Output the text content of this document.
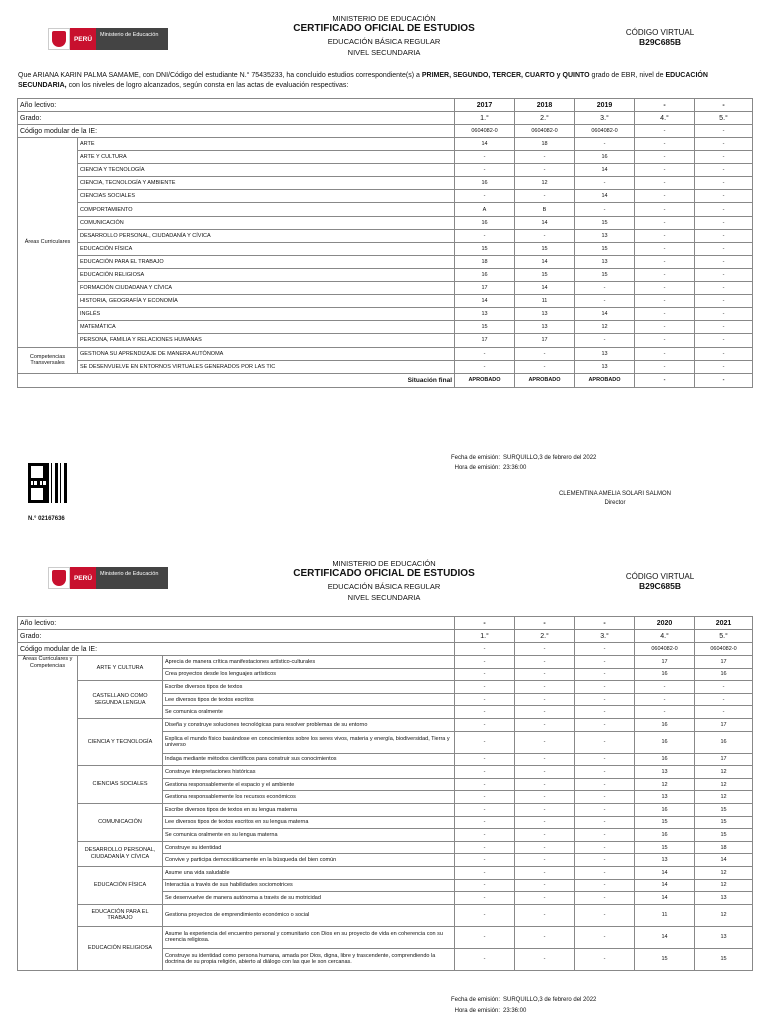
PERÚ
Ministerio de Educación
MINISTERIO DE EDUCACIÓN
CERTIFICADO OFICIAL DE ESTUDIOS
EDUCACIÓN BÁSICA REGULAR
NIVEL SECUNDARIA
CÓDIGO VIRTUAL
B29C685B
Que ARIANA KARIN PALMA SAMAME, con DNI/Código del estudiante N.° 75435233, ha concluido estudios correspondiente(s) a PRIMER, SEGUNDO, TERCER, CUARTO y QUINTO grado de EBR, nivel de EDUCACIÓN SECUNDARIA, con los niveles de logro alcanzados, según consta en las actas de evaluación respectivas:
Año lectivo:		2017	2018	2019	-	-
Grado:		1.°	2.°	3.°	4.°	5.°
Código modular de la IE:		0604082-0	0604082-0	0604082-0	-	-
Áreas Curriculares	ARTE	14	18	-	-	-
	ARTE Y CULTURA	-	-	16	-	-
	CIENCIA Y TECNOLOGÍA	-	-	14	-	-
	CIENCIA, TECNOLOGÍA Y AMBIENTE	16	12	-	-	-
	CIENCIAS SOCIALES	-	-	14	-	-
	COMPORTAMIENTO	A	B	-	-	-
	COMUNICACIÓN	16	14	15	-	-
	DESARROLLO PERSONAL, CIUDADANÍA Y CÍVICA	-	-	13	-	-
	EDUCACIÓN FÍSICA	15	15	15	-	-
	EDUCACIÓN PARA EL TRABAJO	18	14	13	-	-
	EDUCACIÓN RELIGIOSA	16	15	15	-	-
	FORMACIÓN CIUDADANA Y CÍVICA	17	14	-	-	-
	HISTORIA, GEOGRAFÍA Y ECONOMÍA	14	11	-	-	-
	INGLÉS	13	13	14	-	-
	MATEMÁTICA	15	13	12	-	-
	PERSONA, FAMILIA Y RELACIONES HUMANAS	17	17	-	-	-
Competencias Transversales	GESTIONA SU APRENDIZAJE DE MANERA AUTÓNOMA	-	-	13	-	-
	SE DESENVUELVE EN ENTORNOS VIRTUALES GENERADOS POR LAS TIC	-	-	13	-	-
Situación final		APROBADO	APROBADO	APROBADO	-	-
N.° 02167636
Fecha de emisión: SURQUILLO,3 de febrero del 2022
Hora de emisión: 23:36:00
CLEMENTINA AMELIA SOLARI SALMON
Director
PERÚ
Ministerio de Educación
MINISTERIO DE EDUCACIÓN
CERTIFICADO OFICIAL DE ESTUDIOS
EDUCACIÓN BÁSICA REGULAR
NIVEL SECUNDARIA
CÓDIGO VIRTUAL
B29C685B
Año lectivo:			-	-	-	2020	2021
Grado:			1.°	2.°	3.°	4.°	5.°
Código modular de la IE:			-	-	-	0604082-0	0604082-0
Áreas Curriculares y Competencias	ARTE Y CULTURA	Aprecia de manera crítica manifestaciones artístico-culturales	-	-	-	17	17
		Crea proyectos desde los lenguajes artísticos	-	-	-	16	16
	CASTELLANO COMO SEGUNDA LENGUA	Escribe diversos tipos de textos	-	-	-	-	-
		Lee diversos tipos de textos escritos	-	-	-	-	-
		Se comunica oralmente	-	-	-	-	-
	CIENCIA Y TECNOLOGÍA	Diseña y construye soluciones tecnológicas para resolver problemas de su entorno	-	-	-	16	17
		Explica el mundo físico basándose en conocimientos sobre los seres vivos, materia y energía, biodiversidad, Tierra y universo	-	-	-	16	16
		Indaga mediante métodos científicos para construir sus conocimientos	-	-	-	16	17
	CIENCIAS SOCIALES	Construye interpretaciones históricas	-	-	-	13	12
		Gestiona responsablemente el espacio y el ambiente	-	-	-	12	12
		Gestiona responsablemente los recursos económicos	-	-	-	13	12
	COMUNICACIÓN	Escribe diversos tipos de textos en su lengua materna	-	-	-	16	15
		Lee diversos tipos de textos escritos en su lengua materna	-	-	-	15	15
		Se comunica oralmente en su lengua materna	-	-	-	16	15
	DESARROLLO PERSONAL, CIUDADANÍA Y CÍVICA	Construye su identidad	-	-	-	15	18
		Convive y participa democráticamente en la búsqueda del bien común	-	-	-	13	14
	EDUCACIÓN FÍSICA	Asume una vida saludable	-	-	-	14	12
		Interactúa a través de sus habilidades sociomotrices	-	-	-	14	12
		Se desenvuelve de manera autónoma a través de su motricidad	-	-	-	14	13
	EDUCACIÓN PARA EL TRABAJO	Gestiona proyectos de emprendimiento económico o social	-	-	-	11	12
	EDUCACIÓN RELIGIOSA	Asume la experiencia del encuentro personal y comunitario con Dios en su proyecto de vida en coherencia con su creencia religiosa.	-	-	-	14	13
		Construye su identidad como persona humana, amada por Dios, digna, libre y trascendente, comprendiendo la doctrina de su propia religión, abierto al diálogo con las que le son cercanas.	-	-	-	15	15
Fecha de emisión: SURQUILLO,3 de febrero del 2022
Hora de emisión: 23:36:00
